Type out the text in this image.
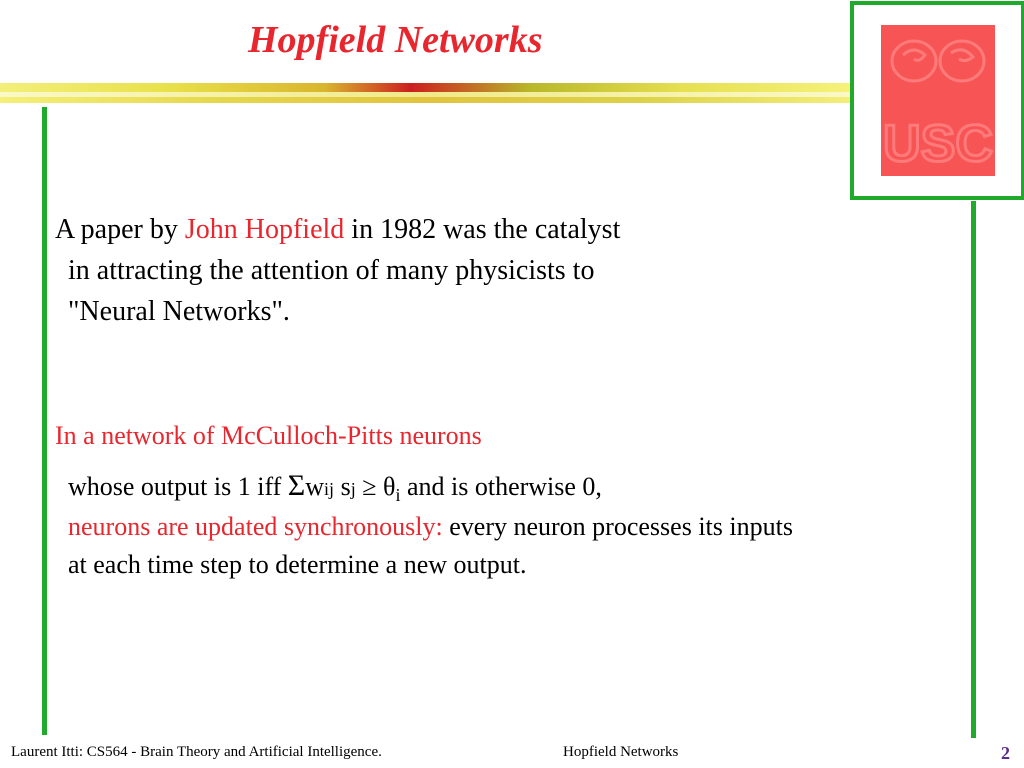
Hopfield Networks
USC
A paper by John Hopfield in 1982 was the catalyst
in attracting the attention of many physicists to
"Neural Networks".
In a network of McCulloch-Pitts neurons
whose output is 1 iff Σwij sj ≥ $\theta_i$ and is otherwise 0,
neurons are updated synchronously: every neuron processes its inputs
at each time step to determine a new output.
Laurent Itti: CS564 - Brain Theory and Artificial Intelligence.	Hopfield Networks	2
